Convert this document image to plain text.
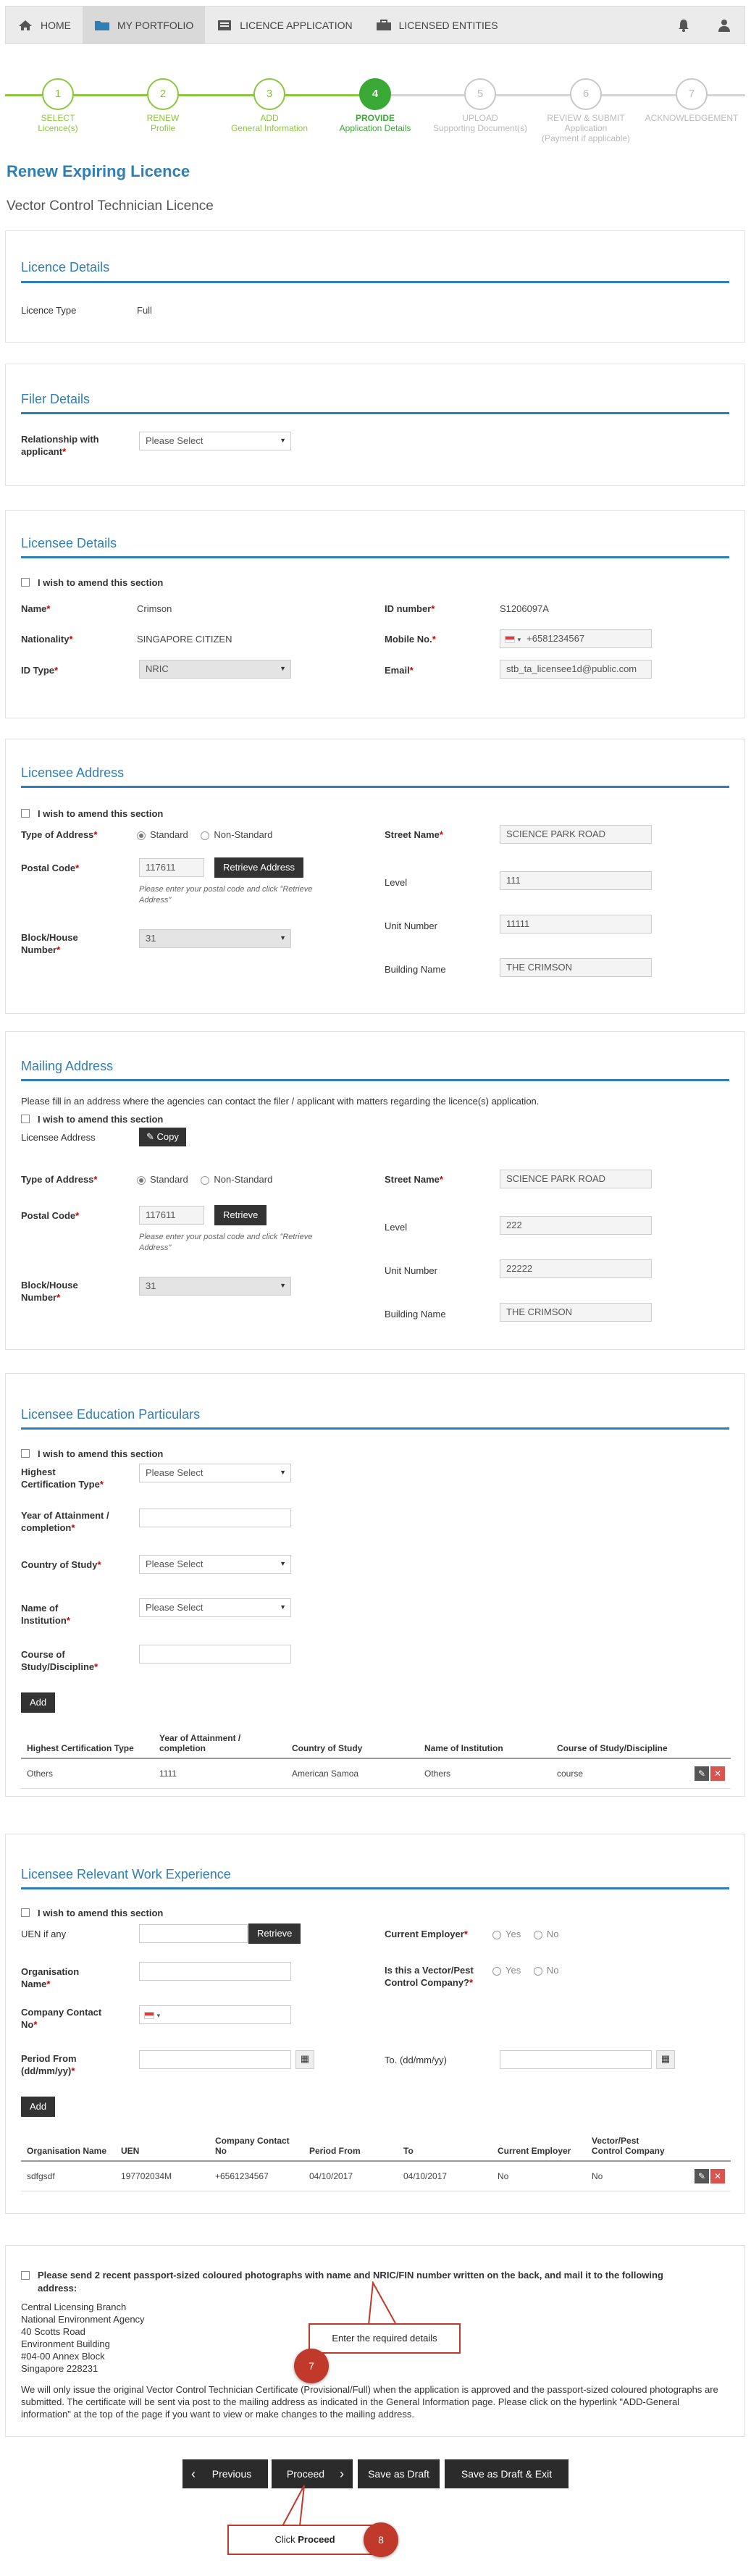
HOME	MY PORTFOLIO	LICENCE APPLICATION	LICENSED ENTITIES
1
SELECT
Licence(s)
2
RENEW
Profile
3
ADD
General Information
4
PROVIDE
Application Details
5
UPLOAD
Supporting Document(s)
6
REVIEW & SUBMIT
Application
(Payment if applicable)
7
ACKNOWLEDGEMENT
Renew Expiring Licence
Vector Control Technician Licence
Licence Details
Licence Type	Full
Filer Details
Relationship with
applicant*
Please Select ▼
Licensee Details
I wish to amend this section
Name*	Crimson	ID number*	S1206097A
Nationality*	SINGAPORE CITIZEN	Mobile No.*	▾ +6581234567
ID Type*	NRIC ▼	Email*	stb_ta_licensee1d@public.com
Licensee Address
I wish to amend this section
Type of Address*	Standard	Non-Standard	Street Name*	SCIENCE PARK ROAD
Postal Code*	117611	Retrieve Address
Please enter your postal code and click "Retrieve Address"
Level	111
Block/House
Number*
31 ▼
Unit Number	11111
Building Name	THE CRIMSON
Mailing Address
Please fill in an address where the agencies can contact the filer / applicant with matters regarding the licence(s) application.
I wish to amend this section
Licensee Address	✎ Copy
Type of Address*	Standard	Non-Standard	Street Name*	SCIENCE PARK ROAD
Postal Code*	117611	Retrieve
Please enter your postal code and click "Retrieve Address"
Level	222
Block/House
Number*
31 ▼
Unit Number	22222
Building Name	THE CRIMSON
Licensee Education Particulars
I wish to amend this section
Highest
Certification Type*
Please Select ▼
Year of Attainment /
completion*
Country of Study*	Please Select ▼
Name of
Institution*
Please Select ▼
Course of
Study/Discipline*
Add
Highest Certification Type	Year of Attainment / completion	Country of Study	Name of Institution	Course of Study/Discipline	
Others	1111	American Samoa	Others	course	✎ ✕
Licensee Relevant Work Experience
I wish to amend this section
UEN if any	Retrieve	Current Employer*	Yes	No
Organisation
Name*
Is this a Vector/Pest
Control Company?*
Yes	No
Company Contact
No*
▾
Period From
(dd/mm/yy)*
▦	To. (dd/mm/yy)	▦
Add
Organisation Name	UEN	Company Contact No	Period From	To	Current Employer	Vector/Pest Control Company	
sdfgsdf	197702034M	+6561234567	04/10/2017	04/10/2017	No	No	✎ ✕
Please send 2 recent passport-sized coloured photographs with name and NRIC/FIN number written on the back, and mail it to the following address:
Central Licensing Branch
National Environment Agency
40 Scotts Road
Environment Building
#04-00 Annex Block
Singapore 228231
We will only issue the original Vector Control Technician Certificate (Provisional/Full) when the application is approved and the passport-sized coloured photographs are submitted. The certificate will be sent via post to the mailing address as indicated in the General Information page. Please click on the hyperlink "ADD-General information" at the top of the page if you want to view or make changes to the mailing address.
Enter the required details
7
‹ Previous	Proceed ›	Save as Draft	Save as Draft & Exit
Click Proceed	8
